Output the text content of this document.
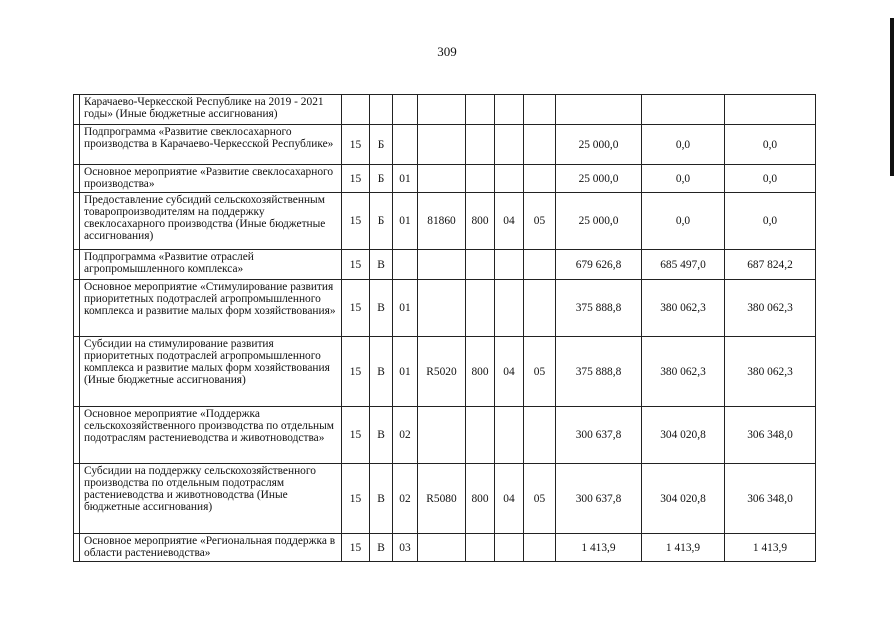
309
	Карачаево-Черкесской Республике на 2019 - 2021 годы» (Иные бюджетные ассигнования)										
	Подпрограмма «Развитие свеклосахарного производства в Карачаево-Черкесской Республике»	15	Б						25 000,0	0,0	0,0
	Основное мероприятие «Развитие свеклосахарного производства»	15	Б	01					25 000,0	0,0	0,0
	Предоставление субсидий сельскохозяйственным товаропроизводителям на поддержку свеклосахарного производства (Иные бюджетные ассигнования)	15	Б	01	81860	800	04	05	25 000,0	0,0	0,0
	Подпрограмма «Развитие отраслей агропромышленного комплекса»	15	В						679 626,8	685 497,0	687 824,2
	Основное мероприятие «Стимулирование развития приоритетных подотраслей агропромышленного комплекса и развитие малых форм хозяйствования»	15	В	01					375 888,8	380 062,3	380 062,3
	Субсидии на стимулирование развития приоритетных подотраслей агропромышленного комплекса и развитие малых форм хозяйствования (Иные бюджетные ассигнования)	15	В	01	R5020	800	04	05	375 888,8	380 062,3	380 062,3
	Основное мероприятие «Поддержка сельскохозяйственного производства по отдельным подотраслям растениеводства и животноводства»	15	В	02					300 637,8	304 020,8	306 348,0
	Субсидии на поддержку сельскохозяйственного производства по отдельным подотраслям растениеводства и животноводства (Иные бюджетные ассигнования)	15	В	02	R5080	800	04	05	300 637,8	304 020,8	306 348,0
	Основное мероприятие «Региональная поддержка в области растениеводства»	15	В	03					1 413,9	1 413,9	1 413,9
